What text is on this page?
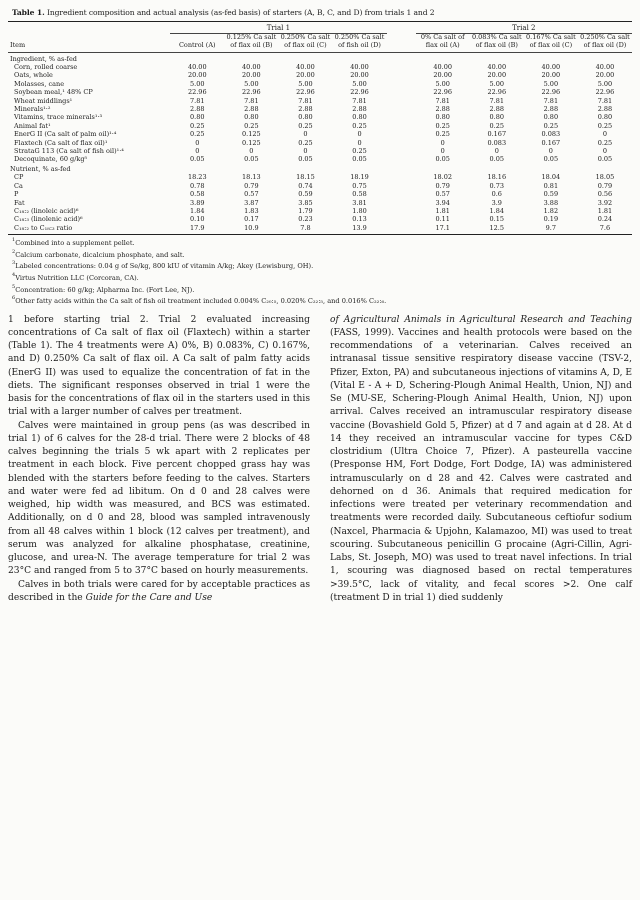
Table 1. Ingredient composition and actual analysis (as-fed basis) of starters (A, B, C, and D) from trials 1 and 2
	Trial 1					Trial 2			
Item	Control (A)	0.125% Ca salt of flax oil (B)	0.250% Ca salt of flax oil (C)	0.250% Ca salt of fish oil (D)		0% Ca salt of flax oil (A)	0.083% Ca salt of flax oil (B)	0.167% Ca salt of flax oil (C)	0.250% Ca salt of flax oil (D)

Ingredient, % as-fed									
Corn, rolled coarse	40.00	40.00	40.00	40.00		40.00	40.00	40.00	40.00
Oats, whole	20.00	20.00	20.00	20.00		20.00	20.00	20.00	20.00
Molasses, cane	5.00	5.00	5.00	5.00		5.00	5.00	5.00	5.00
Soybean meal,¹ 48% CP	22.96	22.96	22.96	22.96		22.96	22.96	22.96	22.96
Wheat middlings¹	7.81	7.81	7.81	7.81		7.81	7.81	7.81	7.81
Minerals¹·²	2.88	2.88	2.88	2.88		2.88	2.88	2.88	2.88
Vitamins, trace minerals¹·³	0.80	0.80	0.80	0.80		0.80	0.80	0.80	0.80
Animal fat¹	0.25	0.25	0.25	0.25		0.25	0.25	0.25	0.25
EnerG II (Ca salt of palm oil)¹·⁴	0.25	0.125	0	0		0.25	0.167	0.083	0
Flaxtech (Ca salt of flax oil)¹	0	0.125	0.25	0		0	0.083	0.167	0.25
StrataG 113 (Ca salt of fish oil)¹·⁴	0	0	0	0.25		0	0	0	0
Decoquinate, 60 g/kg⁵	0.05	0.05	0.05	0.05		0.05	0.05	0.05	0.05
Nutrient, % as-fed									
CP	18.23	18.13	18.15	18.19		18.02	18.16	18.04	18.05
Ca	0.78	0.79	0.74	0.75		0.79	0.73	0.81	0.79
P	0.58	0.57	0.59	0.58		0.57	0.6	0.59	0.56
Fat	3.89	3.87	3.85	3.81		3.94	3.9	3.88	3.92
C₁₈:₂ (linoleic acid)⁶	1.84	1.83	1.79	1.80		1.81	1.84	1.82	1.81
C₁₈:₃ (linolenic acid)⁶	0.10	0.17	0.23	0.13		0.11	0.15	0.19	0.24
C₁₈:₂ to C₁₈:₃ ratio	17.9	10.9	7.8	13.9		17.1	12.5	9.7	7.6
$^1$Combined into a supplement pellet.
$^2$Calcium carbonate, dicalcium phosphate, and salt.
$^3$Labeled concentrations: 0.04 g of Se/kg, 800 kIU of vitamin A/kg; Akey (Lewisburg, OH).
$^4$Virtus Nutrition LLC (Corcoran, CA).
$^5$Concentration: 60 g/kg; Alpharma Inc. (Fort Lee, NJ).
$^6$Other fatty acids within the Ca salt of fish oil treatment included 0.004% C₂₀:₅, 0.020% C₂₂:₅, and 0.016% C₂₂:₆.

1 before starting trial 2. Trial 2 evaluated increasing concentrations of Ca salt of flax oil (Flaxtech) within a starter (Table 1). The 4 treatments were A) 0%, B) 0.083%, C) 0.167%, and D) 0.250% Ca salt of flax oil. A Ca salt of palm fatty acids (EnerG II) was used to equalize the concentration of fat in the diets. The significant responses observed in trial 1 were the basis for the concentrations of flax oil in the starters used in this trial with a larger number of calves per treatment.

Calves were maintained in group pens (as was described in trial 1) of 6 calves for the 28-d trial. There were 2 blocks of 48 calves beginning the trials 5 wk apart with 2 replicates per treatment in each block. Five percent chopped grass hay was blended with the starters before feeding to the calves. Starters and water were fed ad libitum. On d 0 and 28 calves were weighed, hip width was measured, and BCS was estimated. Additionally, on d 0 and 28, blood was sampled intravenously from all 48 calves within 1 block (12 calves per treatment), and serum was analyzed for alkaline phosphatase, creatinine, glucose, and urea-N. The average temperature for trial 2 was 23°C and ranged from 5 to 37°C based on hourly measurements.

Calves in both trials were cared for by acceptable practices as described in the Guide for the Care and Use

of Agricultural Animals in Agricultural Research and Teaching (FASS, 1999). Vaccines and health protocols were based on the recommendations of a veterinarian. Calves received an intranasal tissue sensitive respiratory disease vaccine (TSV-2, Pfizer, Exton, PA) and subcutaneous injections of vitamins A, D, E (Vital E - A + D, Schering-Plough Animal Health, Union, NJ) and Se (MU-SE, Schering-Plough Animal Health, Union, NJ) upon arrival. Calves received an intramuscular respiratory disease vaccine (Bovashield Gold 5, Pfizer) at d 7 and again at d 28. At d 14 they received an intramuscular vaccine for types C&D clostridium (Ultra Choice 7, Pfizer). A pasteurella vaccine (Presponse HM, Fort Dodge, Fort Dodge, IA) was administered intramuscularly on d 28 and 42. Calves were castrated and dehorned on d 36. Animals that required medication for infections were treated per veterinary recommendation and treatments were recorded daily. Subcutaneous ceftiofur sodium (Naxcel, Pharmacia & Upjohn, Kalamazoo, MI) was used to treat scouring. Subcutaneous penicillin G procaine (Agri-Cillin, Agri-Labs, St. Joseph, MO) was used to treat navel infections. In trial 1, scouring was diagnosed based on rectal temperatures >39.5°C, lack of vitality, and fecal scores >2. One calf (treatment D in trial 1) died suddenly
